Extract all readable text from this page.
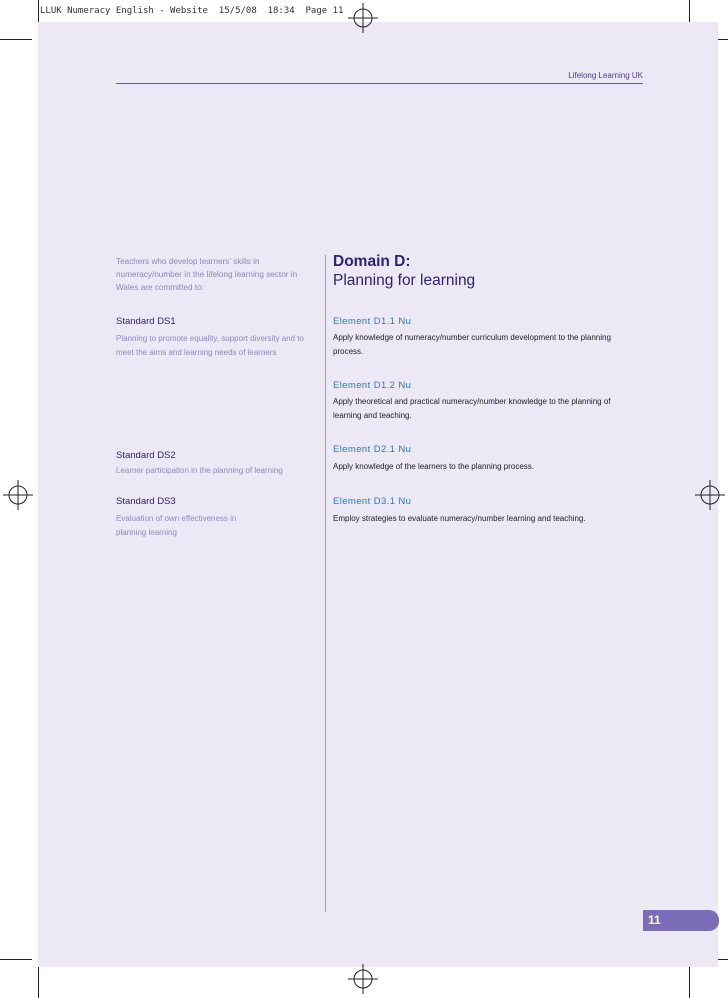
LLUK Numeracy English - Website  15/5/08  18:34  Page 11
Lifelong Learning UK
Teachers who develop learners’ skills in numeracy/number in the lifelong learning sector in Wales are committed to:
Domain D:
Planning for learning
Standard DS1
Planning to promote equality, support diversity and to meet the aims and learning needs of learners
Standard DS2
Learner participation in the planning of learning
Standard DS3
Evaluation of own effectiveness in planning learning
Element D1.1 Nu
Apply knowledge of numeracy/number curriculum development to the planning process.
Element D1.2 Nu
Apply theoretical and practical numeracy/number knowledge to the planning of learning and teaching.
Element D2.1 Nu
Apply knowledge of the learners to the planning process.
Element D3.1 Nu
Employ strategies to evaluate numeracy/number learning and teaching.
11
